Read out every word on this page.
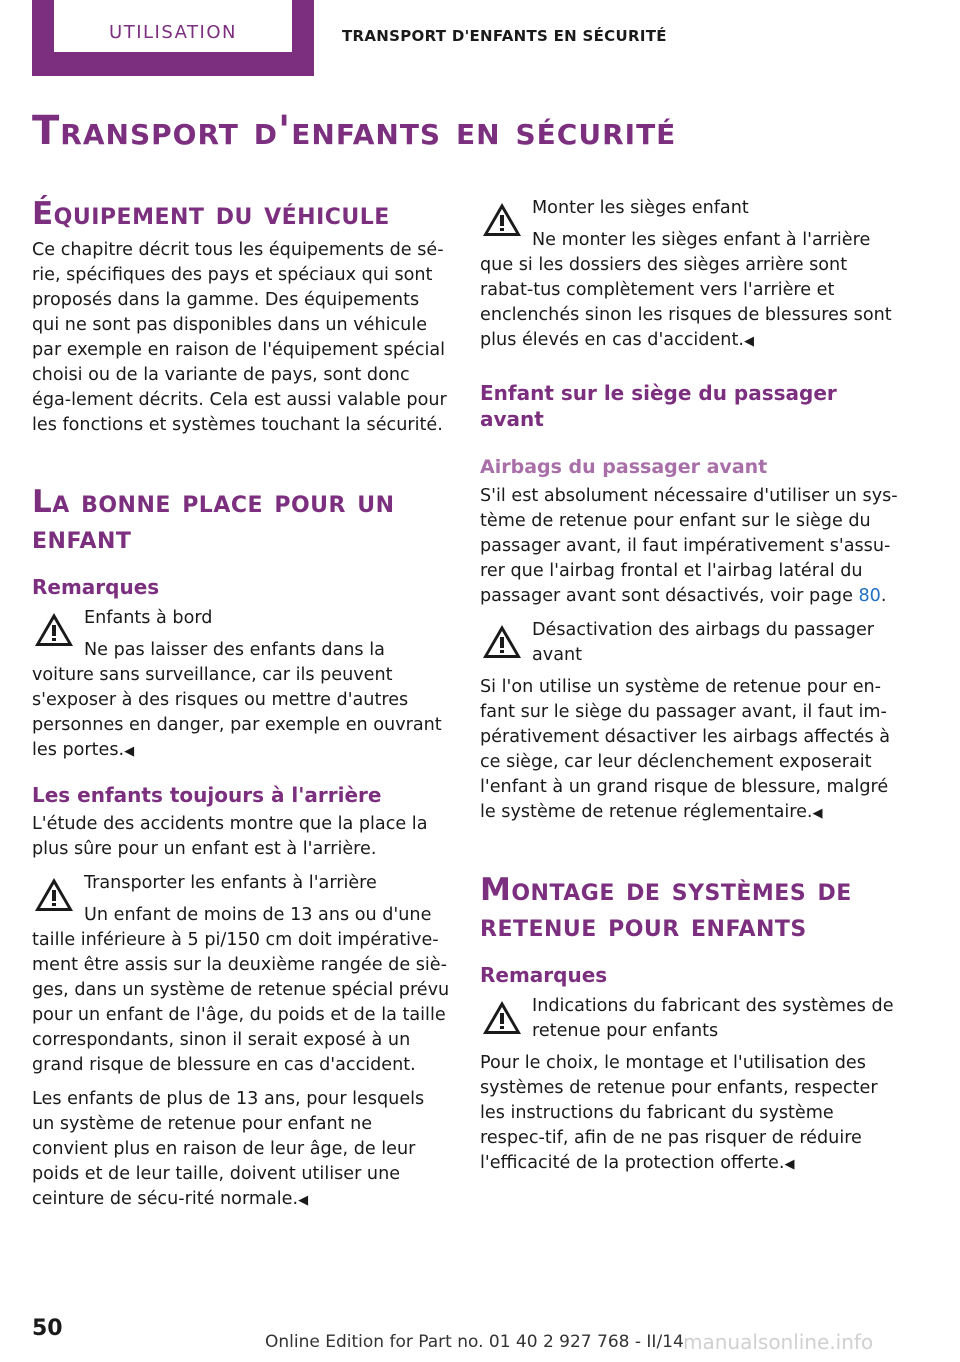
UTILISATION	TRANSPORT D'ENFANTS EN SÉCURITÉ
Transport d'enfants en sécurité
Équipement du véhicule

Ce chapitre décrit tous les équipements de sé-rie, spécifiques des pays et spéciaux qui sont proposés dans la gamme. Des équipements qui ne sont pas disponibles dans un véhicule par exemple en raison de l'équipement spécial choisi ou de la variante de pays, sont donc éga-lement décrits. Cela est aussi valable pour les fonctions et systèmes touchant la sécurité.

La bonne place pour un enfant
Remarques
Enfants à bord

Ne pas laisser des enfants dans la voiture sans surveillance, car ils peuvent s'exposer à des risques ou mettre d'autres personnes en danger, par exemple en ouvrant les portes.◀

Les enfants toujours à l'arrière

L'étude des accidents montre que la place la plus sûre pour un enfant est à l'arrière.

Transporter les enfants à l'arrière

Un enfant de moins de 13 ans ou d'une taille inférieure à 5 pi/150 cm doit impérative-ment être assis sur la deuxième rangée de siè-ges, dans un système de retenue spécial prévu pour un enfant de l'âge, du poids et de la taille correspondants, sinon il serait exposé à un grand risque de blessure en cas d'accident.

Les enfants de plus de 13 ans, pour lesquels un système de retenue pour enfant ne convient plus en raison de leur âge, de leur poids et de leur taille, doivent utiliser une ceinture de sécu-rité normale.◀

Monter les sièges enfant

Ne monter les sièges enfant à l'arrière que si les dossiers des sièges arrière sont rabat-tus complètement vers l'arrière et enclenchés sinon les risques de blessures sont plus élevés en cas d'accident.◀

Enfant sur le siège du passager avant
Airbags du passager avant

S'il est absolument nécessaire d'utiliser un sys-tème de retenue pour enfant sur le siège du passager avant, il faut impérativement s'assu-rer que l'airbag frontal et l'airbag latéral du passager avant sont désactivés, voir page 80.

Désactivation des airbags du passager avant

Si l'on utilise un système de retenue pour en-fant sur le siège du passager avant, il faut im-pérativement désactiver les airbags affectés à ce siège, car leur déclenchement exposerait l'enfant à un grand risque de blessure, malgré le système de retenue réglementaire.◀

Montage de systèmes de retenue pour enfants
Remarques
Indications du fabricant des systèmes de retenue pour enfants

Pour le choix, le montage et l'utilisation des systèmes de retenue pour enfants, respecter les instructions du fabricant du système respec-tif, afin de ne pas risquer de réduire l'efficacité de la protection offerte.◀

50
Online Edition for Part no. 01 40 2 927 768 - II/14 manualsonline.info
